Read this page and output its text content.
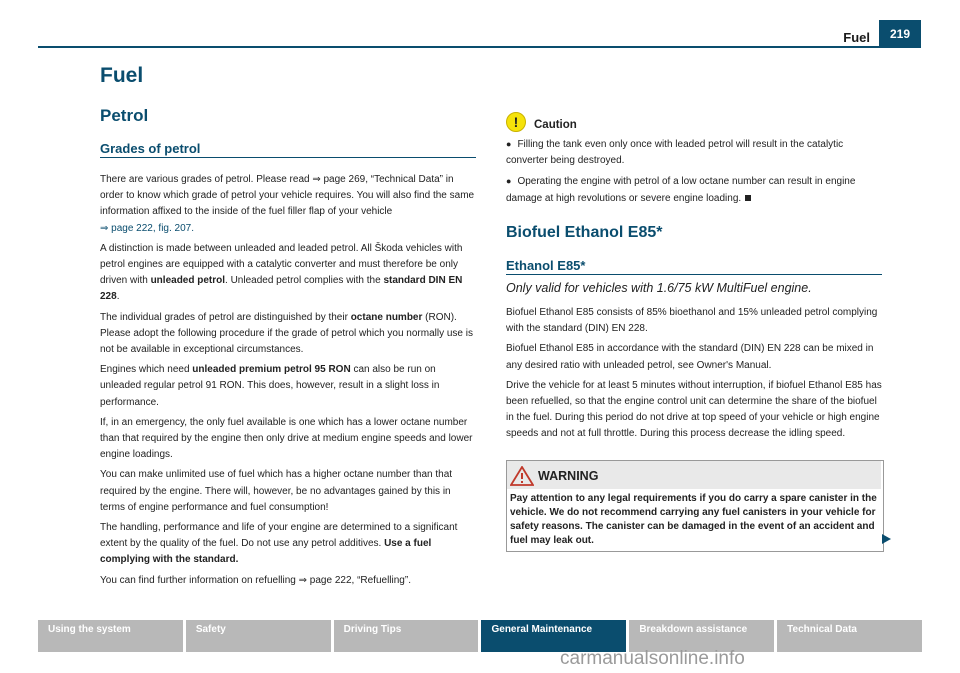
Fuel	219
Fuel
Petrol
Grades of petrol

There are various grades of petrol. Please read ⇒ page 269, “Technical Data” in order to know which grade of petrol your vehicle requires. You will also find the same information affixed to the inside of the fuel filler flap of your vehicle
⇒ page 222, fig. 207.

A distinction is made between unleaded and leaded petrol. All Škoda vehicles with petrol engines are equipped with a catalytic converter and must therefore be only driven with unleaded petrol. Unleaded petrol complies with the standard DIN EN 228.

The individual grades of petrol are distinguished by their octane number (RON). Please adopt the following procedure if the grade of petrol which you normally use is not be available in exceptional circumstances.

Engines which need unleaded premium petrol 95 RON can also be run on unleaded regular petrol 91 RON. This does, however, result in a slight loss in performance.

If, in an emergency, the only fuel available is one which has a lower octane number than that required by the engine then only drive at medium engine speeds and lower engine loadings.

You can make unlimited use of fuel which has a higher octane number than that required by the engine. There will, however, be no advantages gained by this in terms of engine performance and fuel consumption!

The handling, performance and life of your engine are determined to a significant extent by the quality of the fuel. Do not use any petrol additives. Use a fuel complying with the standard.

You can find further information on refuelling ⇒ page 222, “Refuelling”.

!	Caution

● Filling the tank even only once with leaded petrol will result in the catalytic converter being destroyed.

● Operating the engine with petrol of a low octane number can result in engine damage at high revolutions or severe engine loading.

Biofuel Ethanol E85*
Ethanol E85*
Only valid for vehicles with 1.6/75 kW MultiFuel engine.

Biofuel Ethanol E85 consists of 85% bioethanol and 15% unleaded petrol complying with the standard (DIN) EN 228.

Biofuel Ethanol E85 in accordance with the standard (DIN) EN 228 can be mixed in any desired ratio with unleaded petrol, see Owner's Manual.

Drive the vehicle for at least 5 minutes without interruption, if biofuel Ethanol E85 has been refuelled, so that the engine control unit can determine the share of the biofuel in the fuel. During this period do not drive at top speed of your vehicle or high engine speeds and not at full throttle. During this process decrease the idling speed.

WARNING
Pay attention to any legal requirements if you do carry a spare canister in the vehicle. We do not recommend carrying any fuel canisters in your vehicle for safety reasons. The canister can be damaged in the event of an accident and fuel may leak out.
Using the system	Safety	Driving Tips	General Maintenance	Breakdown assistance	Technical Data
carmanualsonline.info
